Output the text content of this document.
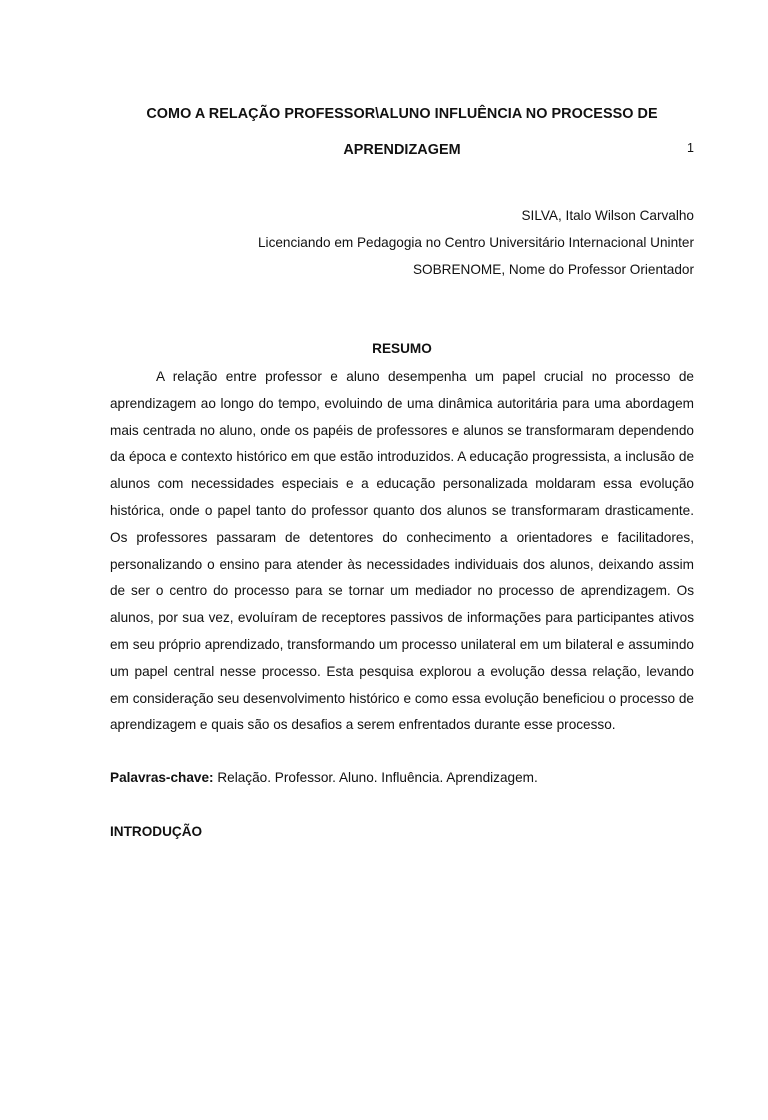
1
COMO A RELAÇÃO PROFESSOR\ALUNO INFLUÊNCIA NO PROCESSO DE APRENDIZAGEM

SILVA, Italo Wilson Carvalho

Licenciando em Pedagogia no Centro Universitário Internacional Uninter

SOBRENOME, Nome do Professor Orientador

RESUMO

A relação entre professor e aluno desempenha um papel crucial no processo de aprendizagem ao longo do tempo, evoluindo de uma dinâmica autoritária para uma abordagem mais centrada no aluno, onde os papéis de professores e alunos se transformaram dependendo da época e contexto histórico em que estão introduzidos. A educação progressista, a inclusão de alunos com necessidades especiais e a educação personalizada moldaram essa evolução histórica, onde o papel tanto do professor quanto dos alunos se transformaram drasticamente. Os professores passaram de detentores do conhecimento a orientadores e facilitadores, personalizando o ensino para atender às necessidades individuais dos alunos, deixando assim de ser o centro do processo para se tornar um mediador no processo de aprendizagem. Os alunos, por sua vez, evoluíram de receptores passivos de informações para participantes ativos em seu próprio aprendizado, transformando um processo unilateral em um bilateral e assumindo um papel central nesse processo. Esta pesquisa explorou a evolução dessa relação, levando em consideração seu desenvolvimento histórico e como essa evolução beneficiou o processo de aprendizagem e quais são os desafios a serem enfrentados durante esse processo.

Palavras-chave: Relação. Professor. Aluno. Influência. Aprendizagem.

INTRODUÇÃO
